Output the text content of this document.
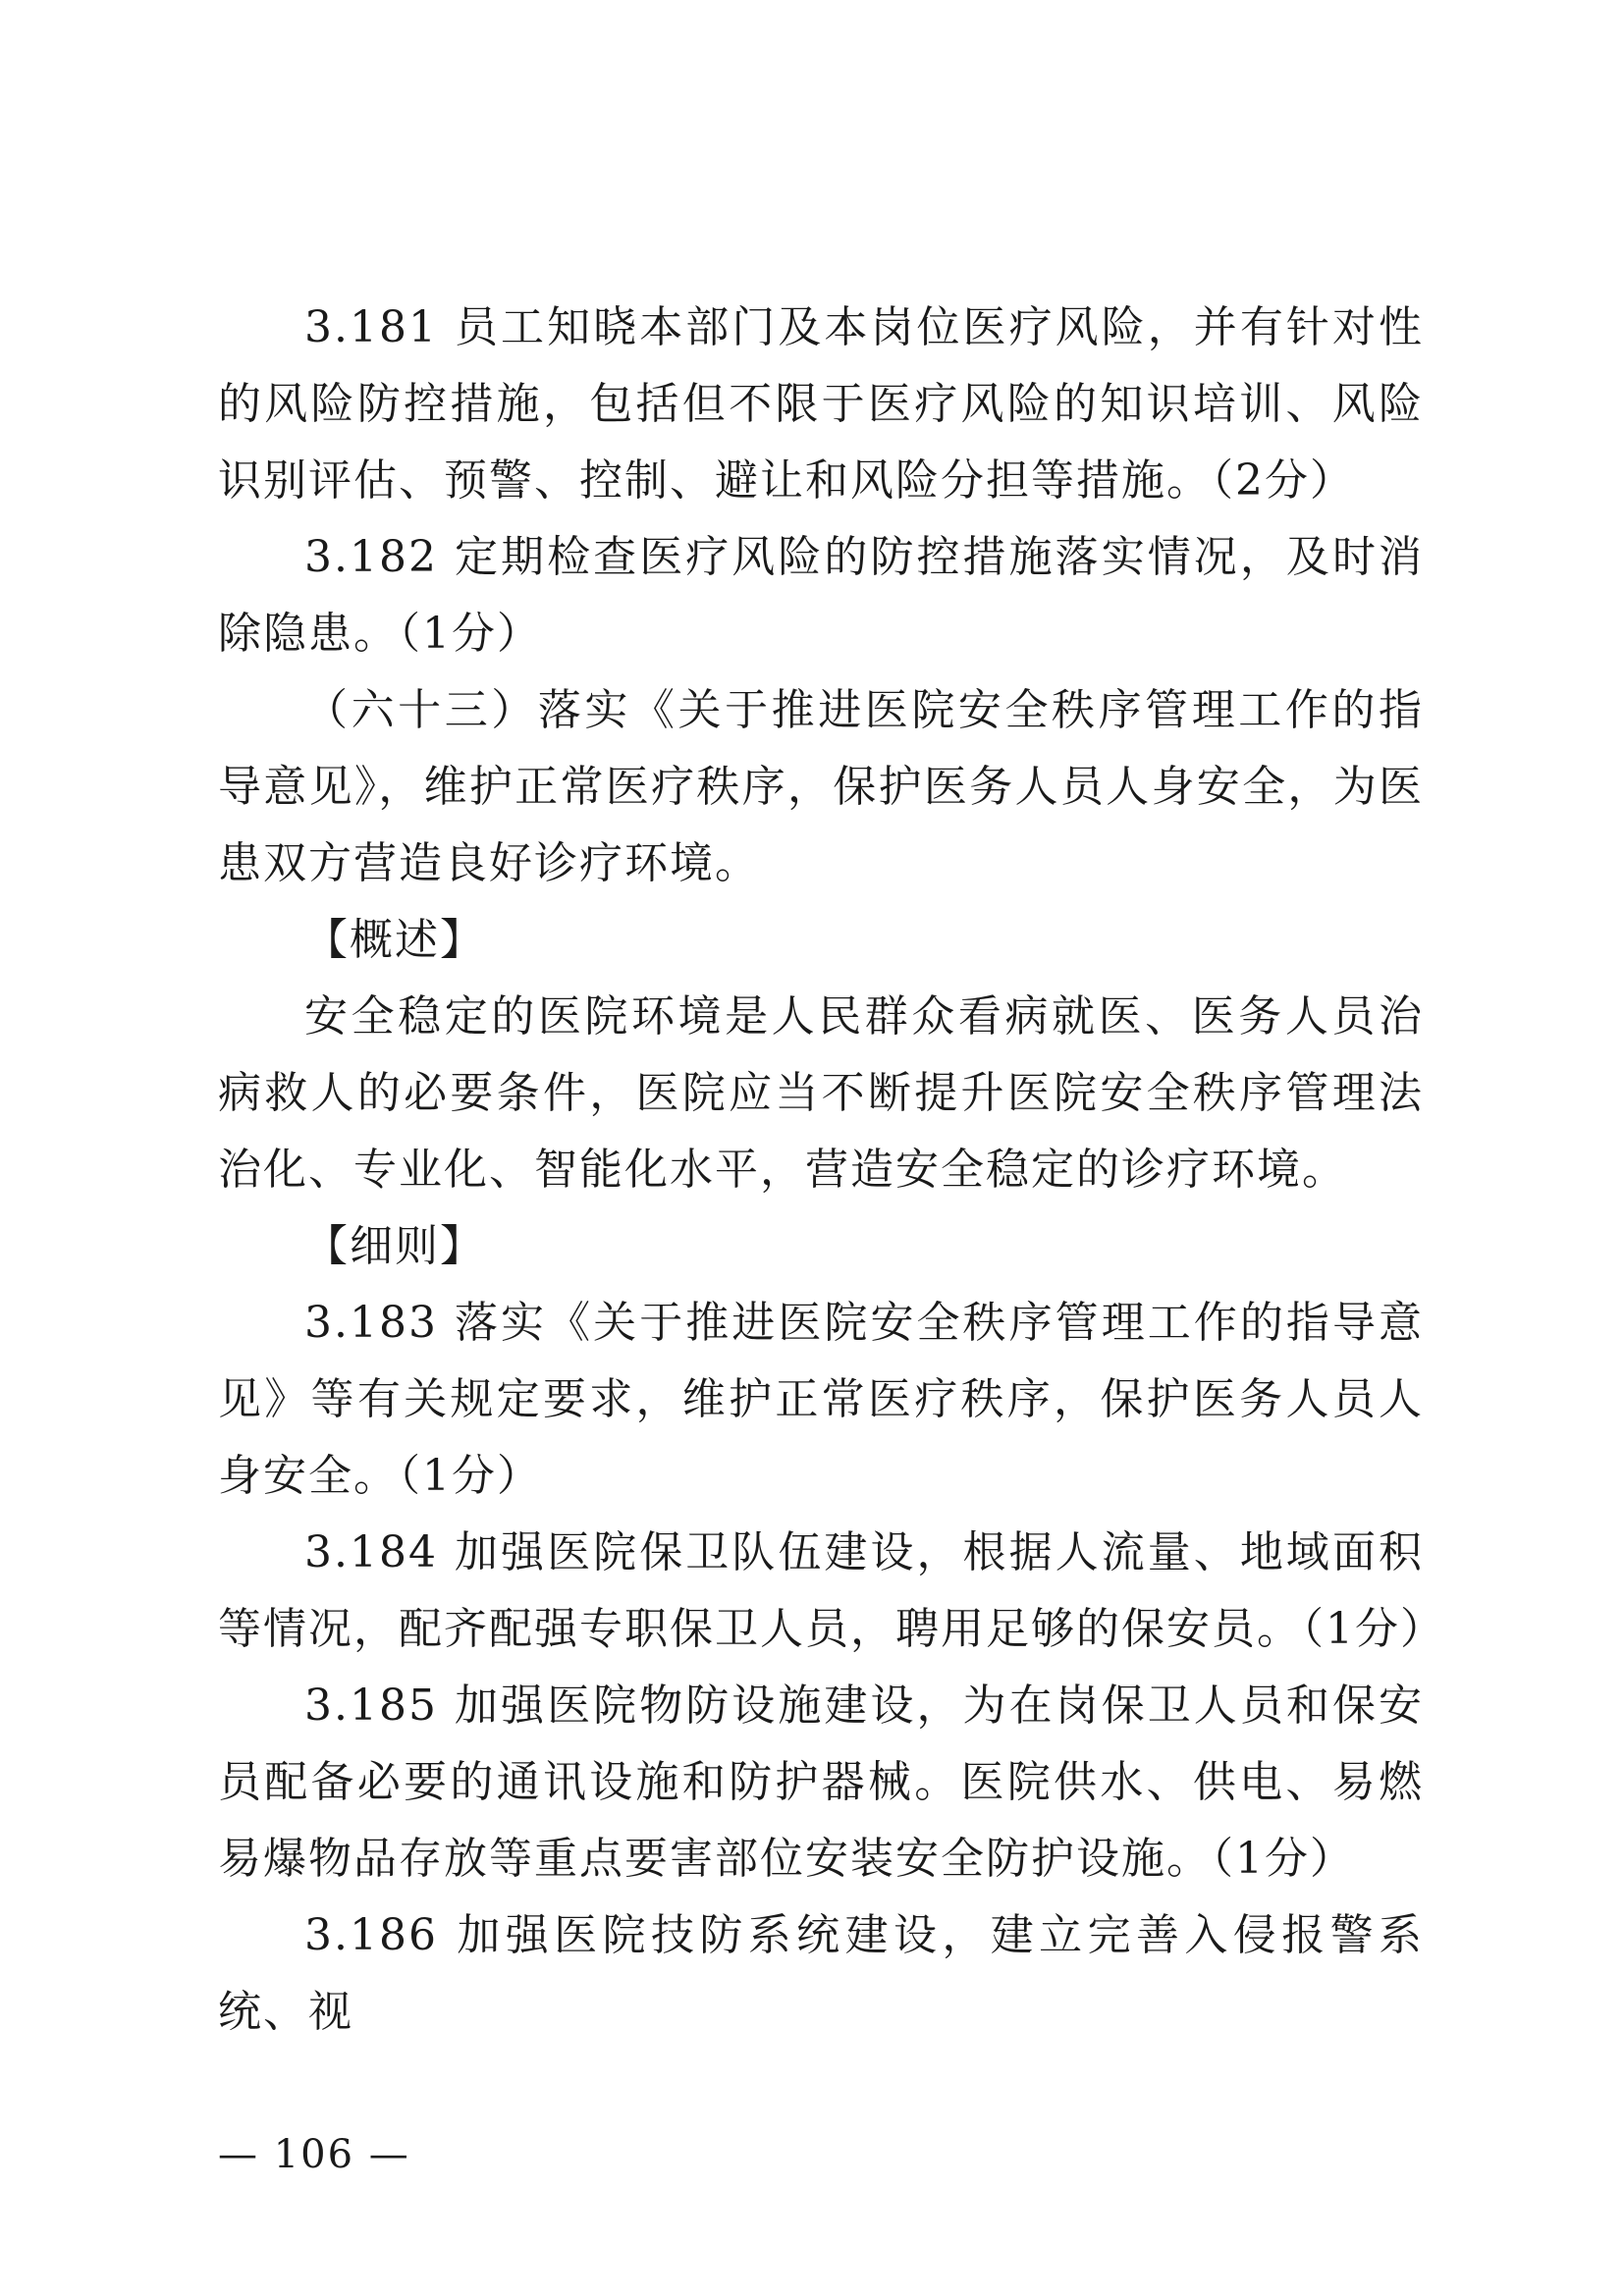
3.181 员工知晓本部门及本岗位医疗风险，并有针对性的风险防控措施，包括但不限于医疗风险的知识培训、风险识别评估、预警、控制、避让和风险分担等措施。（2分）

3.182 定期检查医疗风险的防控措施落实情况，及时消除隐患。（1分）

（六十三）落实《关于推进医院安全秩序管理工作的指导意见》，维护正常医疗秩序，保护医务人员人身安全，为医患双方营造良好诊疗环境。

【概述】

安全稳定的医院环境是人民群众看病就医、医务人员治病救人的必要条件，医院应当不断提升医院安全秩序管理法治化、专业化、智能化水平，营造安全稳定的诊疗环境。

【细则】

3.183 落实《关于推进医院安全秩序管理工作的指导意见》等有关规定要求，维护正常医疗秩序，保护医务人员人身安全。（1分）

3.184 加强医院保卫队伍建设，根据人流量、地域面积等情况，配齐配强专职保卫人员，聘用足够的保安员。（1分）

3.185 加强医院物防设施建设，为在岗保卫人员和保安员配备必要的通讯设施和防护器械。医院供水、供电、易燃易爆物品存放等重点要害部位安装安全防护设施。（1分）

3.186 加强医院技防系统建设，建立完善入侵报警系统、视

— 106 —
